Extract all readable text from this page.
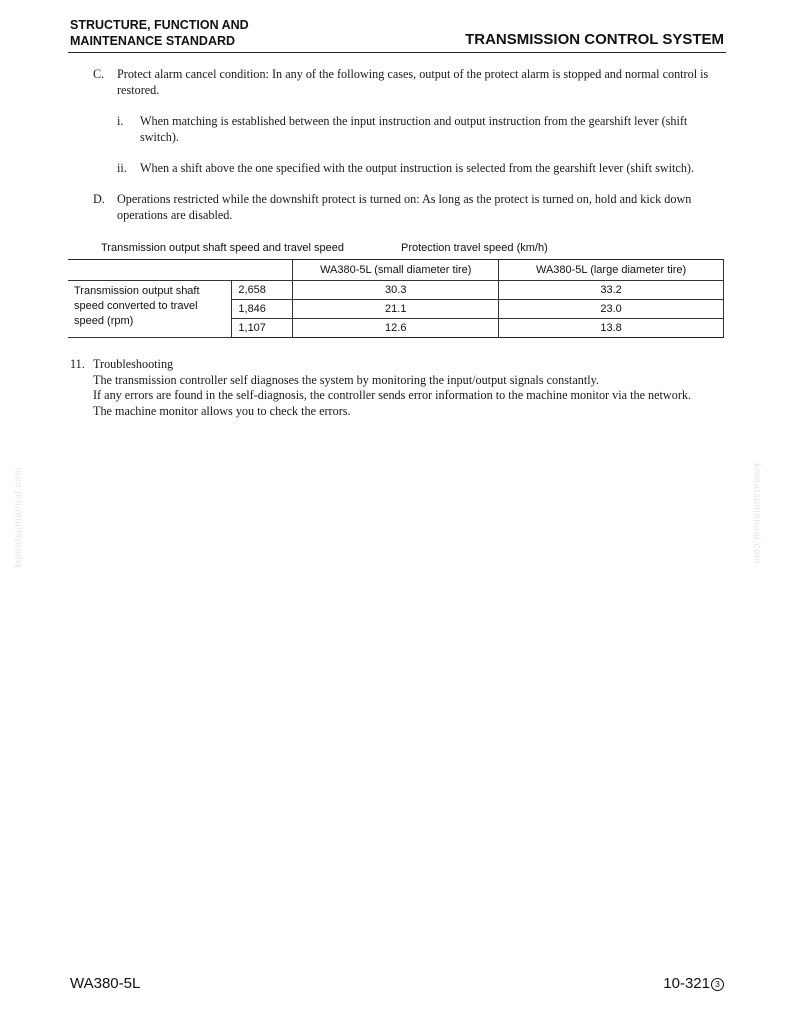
STRUCTURE, FUNCTION AND
MAINTENANCE STANDARD	TRANSMISSION CONTROL SYSTEM
C.	Protect alarm cancel condition: In any of the following cases, output of the protect alarm is stopped and normal control is restored.
i.	When matching is established between the input instruction and output instruction from the gearshift lever (shift switch).
ii.	When a shift above the one specified with the output instruction is selected from the gearshift lever (shift switch).
D. Operations restricted while the downshift protect is turned on: As long as the protect is turned on, hold and kick down operations are disabled.
Transmission output shaft speed and travel speed	Protection travel speed (km/h)
		WA380-5L (small diameter tire)	WA380-5L (large diameter tire)
Transmission output shaft speed converted to travel speed (rpm)	2,658	30.3	33.2
	1,846	21.1	23.0
	1,107	12.6	13.8
11. Troubleshooting
The transmission controller self diagnoses the system by monitoring the input/output signals constantly.
If any errors are found in the self-diagnosis, the controller sends error information to the machine monitor via the network.
The machine monitor allows you to check the errors.
komatsumanual.com	komatsumanual.com
WA380-5L	10-321 3
